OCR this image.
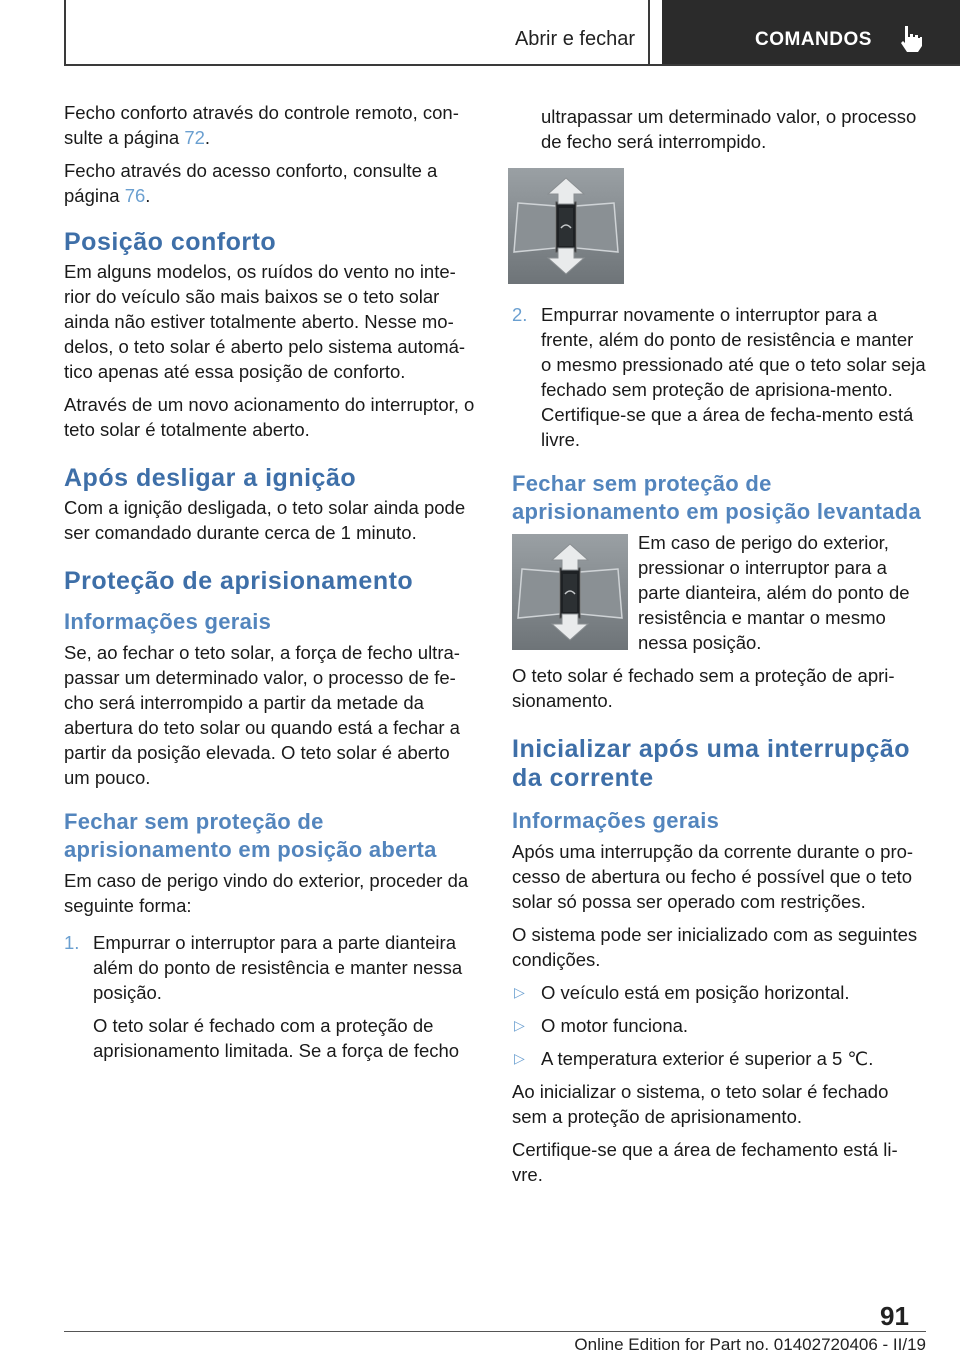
Abrir e fechar	COMANDOS

Fecho conforto através do controle remoto, con‐sulte a página 72.

Fecho através do acesso conforto, consulte a página 76.

Posição conforto

Em alguns modelos, os ruídos do vento no inte‐rior do veículo são mais baixos se o teto solar ainda não estiver totalmente aberto. Nesse mo‐delos, o teto solar é aberto pelo sistema automá‐tico apenas até essa posição de conforto.

Através de um novo acionamento do interruptor, o teto solar é totalmente aberto.

Após desligar a ignição

Com a ignição desligada, o teto solar ainda pode ser comandado durante cerca de 1 minuto.

Proteção de aprisionamento
Informações gerais

Se, ao fechar o teto solar, a força de fecho ultra‐passar um determinado valor, o processo de fe‐cho será interrompido a partir da metade da abertura do teto solar ou quando está a fechar a partir da posição elevada. O teto solar é aberto um pouco.

Fechar sem proteção de aprisionamento em posição aberta

Em caso de perigo vindo do exterior, proceder da seguinte forma:

1. Empurrar o interruptor para a parte dianteira além do ponto de resistência e manter nessa posição.

O teto solar é fechado com a proteção de aprisionamento limitada. Se a força de fecho

ultrapassar um determinado valor, o processo de fecho será interrompido.

2. Empurrar novamente o interruptor para a frente, além do ponto de resistência e manter o mesmo pressionado até que o teto solar seja fechado sem proteção de aprisiona‐mento. Certifique-se que a área de fecha‐mento está livre.
Fechar sem proteção de aprisionamento em posição levantada

Em caso de perigo do exterior, pressionar o interruptor para a parte dianteira, além do ponto de resistência e mantar o mesmo nessa posição.

O teto solar é fechado sem a proteção de apri‐sionamento.

Inicializar após uma interrupção da corrente
Informações gerais

Após uma interrupção da corrente durante o pro‐cesso de abertura ou fecho é possível que o teto solar só possa ser operado com restrições.

O sistema pode ser inicializado com as seguintes condições.

▷ O veículo está em posição horizontal.
▷ O motor funciona.
▷ A temperatura exterior é superior a 5 ℃.

Ao inicializar o sistema, o teto solar é fechado sem a proteção de aprisionamento.

Certifique-se que a área de fechamento está li‐vre.

91
Online Edition for Part no. 01402720406 - II/19
